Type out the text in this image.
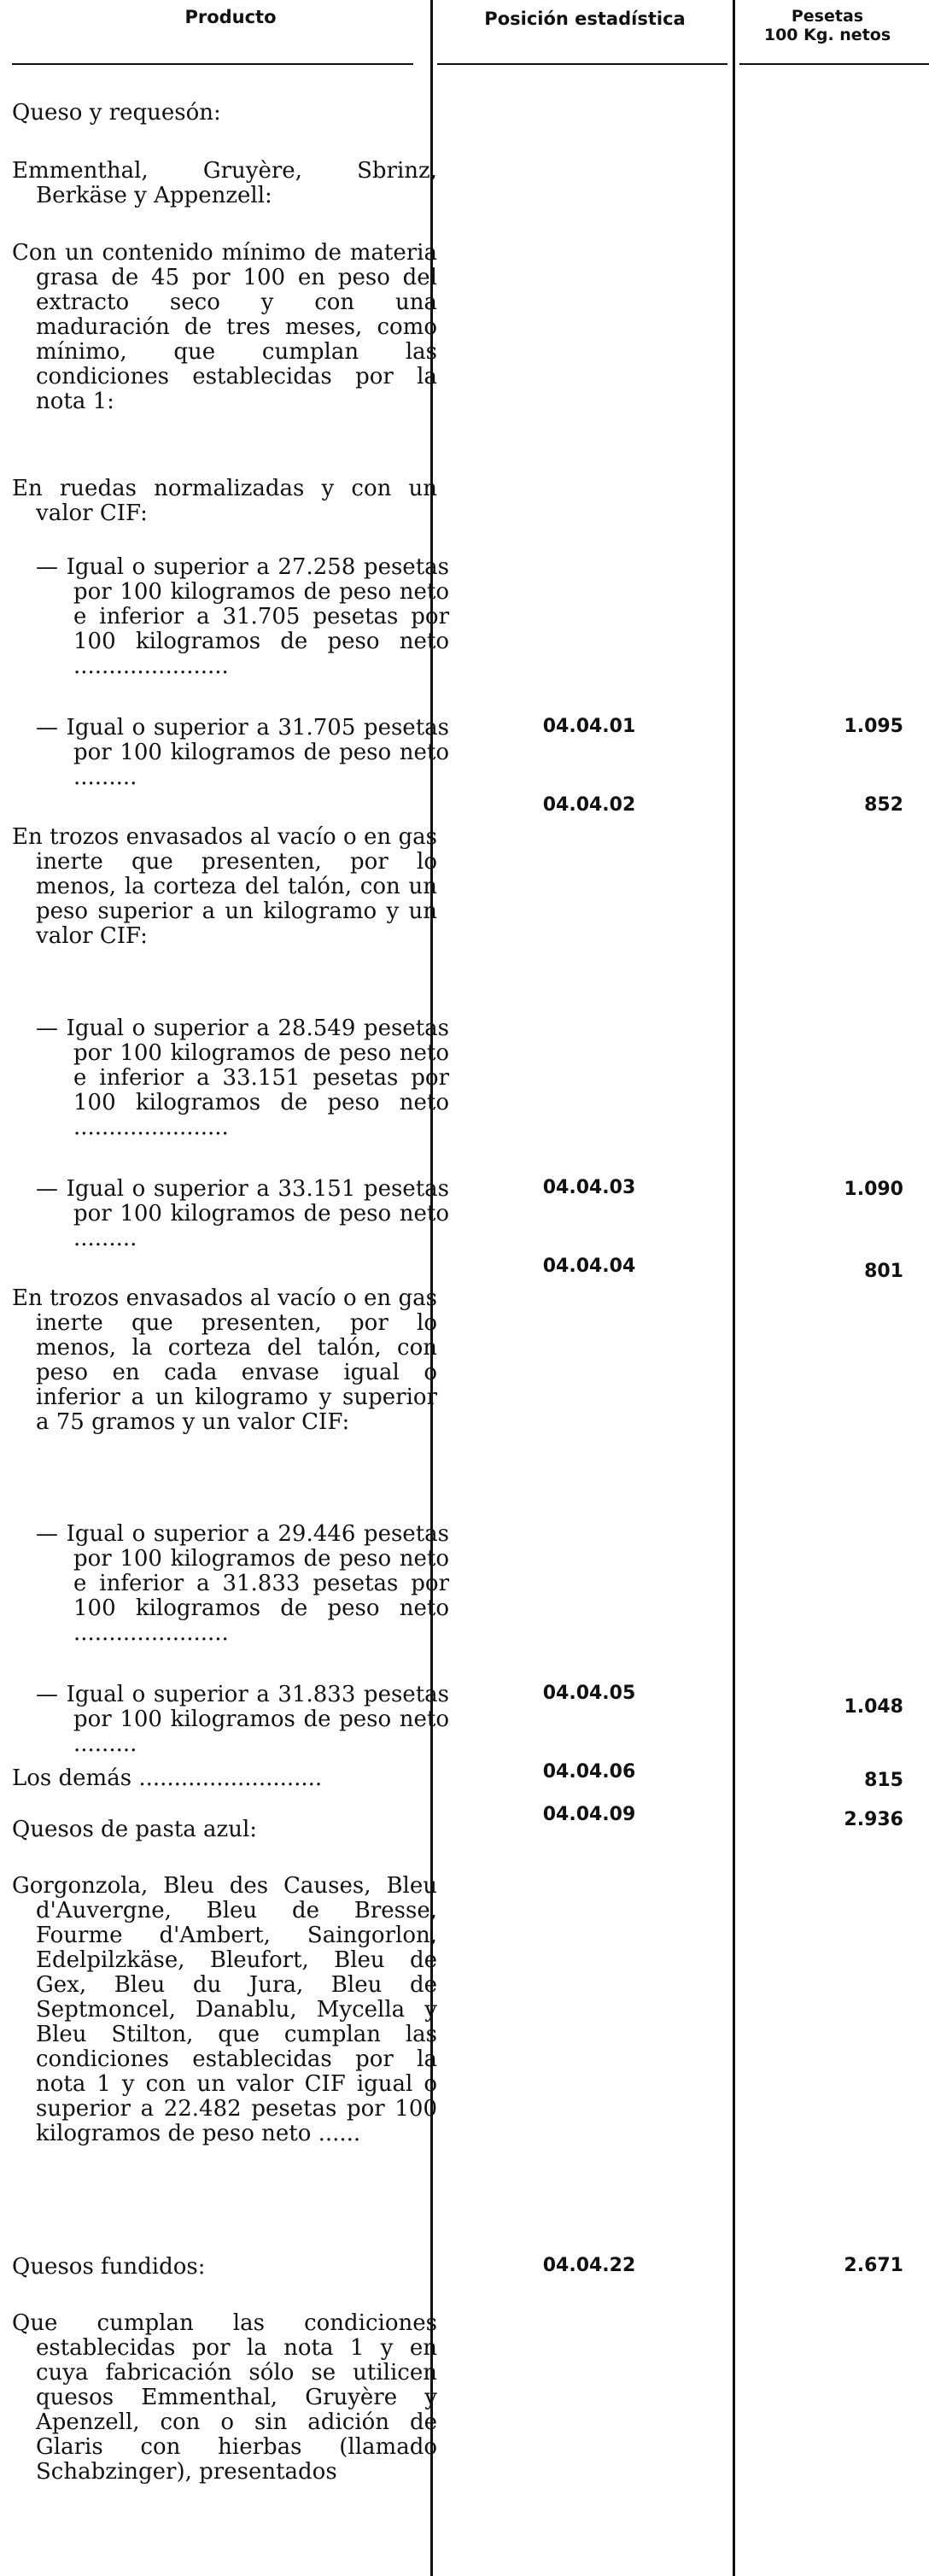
Producto	Posición estadística	Pesetas
100 Kg. netos

Queso y requesón:

Emmenthal, Gruyère, Sbrinz, Berkäse y Appenzell:

Con un contenido mínimo de materia grasa de 45 por 100 en peso del extracto seco y con una maduración de tres meses, como mínimo, que cumplan las condiciones establecidas por la nota 1:

En ruedas normalizadas y con un valor CIF:

— Igual o superior a 27.258 pesetas por 100 kilogramos de peso neto e inferior a 31.705 pesetas por 100 kilogramos de peso neto ......................

— Igual o superior a 31.705 pesetas por 100 kilogramos de peso neto .........

En trozos envasados al vacío o en gas inerte que presenten, por lo menos, la corteza del talón, con un peso superior a un kilogramo y un valor CIF:

— Igual o superior a 28.549 pesetas por 100 kilogramos de peso neto e inferior a 33.151 pesetas por 100 kilogramos de peso neto ......................

— Igual o superior a 33.151 pesetas por 100 kilogramos de peso neto .........

En trozos envasados al vacío o en gas inerte que presenten, por lo menos, la corteza del talón, con peso en cada envase igual o inferior a un kilogramo y superior a 75 gramos y un valor CIF:

— Igual o superior a 29.446 pesetas por 100 kilogramos de peso neto e inferior a 31.833 pesetas por 100 kilogramos de peso neto ......................

— Igual o superior a 31.833 pesetas por 100 kilogramos de peso neto .........

Los demás ..........................

Quesos de pasta azul:

Gorgonzola, Bleu des Causes, Bleu d'Auvergne, Bleu de Bresse, Fourme d'Ambert, Saingorlon, Edelpilzkäse, Bleufort, Bleu de Gex, Bleu du Jura, Bleu de Septmoncel, Danablu, Mycella y Bleu Stilton, que cumplan las condiciones establecidas por la nota 1 y con un valor CIF igual o superior a 22.482 pesetas por 100 kilogramos de peso neto ......

Quesos fundidos:

Que cumplan las condiciones establecidas por la nota 1 y en cuya fabricación sólo se utilicen quesos Emmenthal, Gruyère y Apenzell, con o sin adición de Glaris con hierbas (llamado Schabzinger), presentados

04.04.01
04.04.02
04.04.03
04.04.04
04.04.05
04.04.06
04.04.09
04.04.22
1.095
852
1.090
801
1.048
815
2.936
2.671
